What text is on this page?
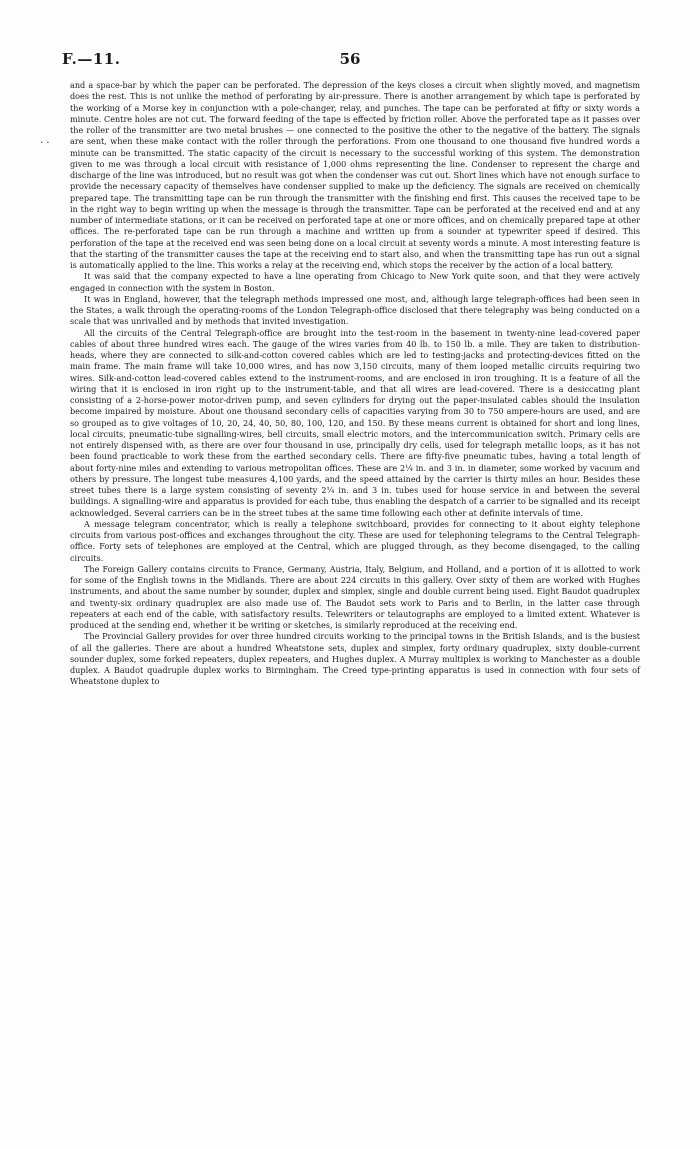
F.—11.	56
· ·

and a space-bar by which the paper can be perforated. The depression of the keys closes a circuit when slightly moved, and magnetism does the rest. This is not unlike the method of perforating by air-pressure. There is another arrangement by which tape is perforated by the working of a Morse key in conjunction with a pole-changer, relay, and punches. The tape can be perforated at fifty or sixty words a minute. Centre holes are not cut. The forward feeding of the tape is effected by friction roller. Above the perforated tape as it passes over the roller of the transmitter are two metal brushes — one connected to the positive the other to the negative of the battery. The signals are sent, when these make contact with the roller through the perforations. From one thousand to one thousand five hundred words a minute can be transmitted. The static capacity of the circuit is necessary to the successful working of this system. The demonstration given to me was through a local circuit with resistance of 1,000 ohms representing the line. Condenser to represent the charge and discharge of the line was introduced, but no result was got when the condenser was cut out. Short lines which have not enough surface to provide the necessary capacity of themselves have condenser supplied to make up the deficiency. The signals are received on chemically prepared tape. The transmitting tape can be run through the transmitter with the finishing end first. This causes the received tape to be in the right way to begin writing up when the message is through the transmitter. Tape can be perforated at the received end and at any number of intermediate stations, or it can be received on perforated tape at one or more offices, and on chemically prepared tape at other offices. The re-perforated tape can be run through a machine and written up from a sounder at typewriter speed if desired. This perforation of the tape at the received end was seen being done on a local circuit at seventy words a minute. A most interesting feature is that the starting of the transmitter causes the tape at the receiving end to start also, and when the transmitting tape has run out a signal is automatically applied to the line. This works a relay at the receiving end, which stops the receiver by the action of a local battery.

It was said that the company expected to have a line operating from Chicago to New York quite soon, and that they were actively engaged in connection with the system in Boston.

It was in England, however, that the telegraph methods impressed one most, and, although large telegraph-offices had been seen in the States, a walk through the operating-rooms of the London Telegraph-office disclosed that there telegraphy was being conducted on a scale that was unrivalled and by methods that invited investigation.

All the circuits of the Central Telegraph-office are brought into the test-room in the basement in twenty-nine lead-covered paper cables of about three hundred wires each. The gauge of the wires varies from 40 lb. to 150 lb. a mile. They are taken to distribution-heads, where they are connected to silk-and-cotton covered cables which are led to testing-jacks and protecting-devices fitted on the main frame. The main frame will take 10,000 wires, and has now 3,150 circuits, many of them looped metallic circuits requiring two wires. Silk-and-cotton lead-covered cables extend to the instrument-rooms, and are enclosed in iron troughing. It is a feature of all the wiring that it is enclosed in iron right up to the instrument-table, and that all wires are lead-covered. There is a desiccating plant consisting of a 2-horse-power motor-driven pump, and seven cylinders for drying out the paper-insulated cables should the insulation become impaired by moisture. About one thousand secondary cells of capacities varying from 30 to 750 ampere-hours are used, and are so grouped as to give voltages of 10, 20, 24, 40, 50, 80, 100, 120, and 150. By these means current is obtained for short and long lines, local circuits, pneumatic-tube signalling-wires, bell circuits, small electric motors, and the intercommunication switch. Primary cells are not entirely dispensed with, as there are over four thousand in use, principally dry cells, used for telegraph metallic loops, as it has not been found practicable to work these from the earthed secondary cells. There are fifty-five pneumatic tubes, having a total length of about forty-nine miles and extending to various metropolitan offices. These are 2¼ in. and 3 in. in diameter, some worked by vacuum and others by pressure. The longest tube measures 4,100 yards, and the speed attained by the carrier is thirty miles an hour. Besides these street tubes there is a large system consisting of seventy 2¼ in. and 3 in. tubes used for house service in and between the several buildings. A signalling-wire and apparatus is provided for each tube, thus enabling the despatch of a carrier to be signalled and its receipt acknowledged. Several carriers can be in the street tubes at the same time following each other at definite intervals of time.

A message telegram concentrator, which is really a telephone switchboard, provides for connecting to it about eighty telephone circuits from various post-offices and exchanges throughout the city. These are used for telephoning telegrams to the Central Telegraph-office. Forty sets of telephones are employed at the Central, which are plugged through, as they become disengaged, to the calling circuits.

The Foreign Gallery contains circuits to France, Germany, Austria, Italy, Belgium, and Holland, and a portion of it is allotted to work for some of the English towns in the Midlands. There are about 224 circuits in this gallery. Over sixty of them are worked with Hughes instruments, and about the same number by sounder, duplex and simplex, single and double current being used. Eight Baudot quadruplex and twenty-six ordinary quadruplex are also made use of. The Baudot sets work to Paris and to Berlin, in the latter case through repeaters at each end of the cable, with satisfactory results. Telewriters or telautographs are employed to a limited extent. Whatever is produced at the sending end, whether it be writing or sketches, is similarly reproduced at the receiving end.

The Provincial Gallery provides for over three hundred circuits working to the principal towns in the British Islands, and is the busiest of all the galleries. There are about a hundred Wheatstone sets, duplex and simplex, forty ordinary quadruplex, sixty double-current sounder duplex, some forked repeaters, duplex repeaters, and Hughes duplex. A Murray multiplex is working to Manchester as a double duplex. A Baudot quadruple duplex works to Birmingham. The Creed type-printing apparatus is used in connection with four sets of Wheatstone duplex to
